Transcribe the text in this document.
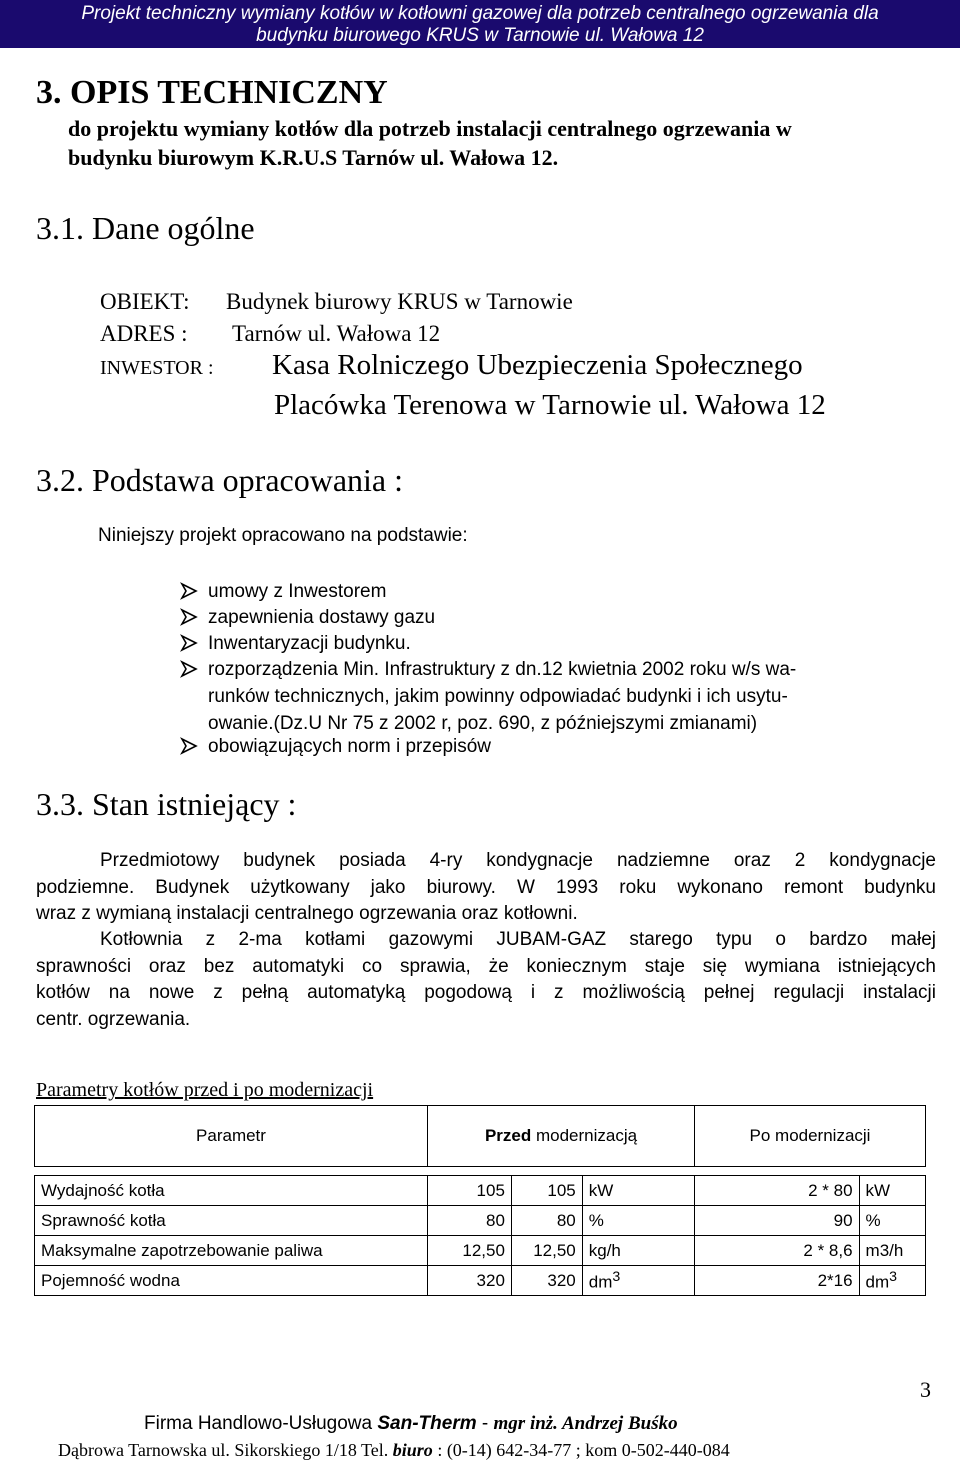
Projekt techniczny wymiany kotłów w kotłowni gazowej dla potrzeb centralnego ogrzewania dla
budynku biurowego KRUS w Tarnowie ul. Wałowa 12
3. OPIS TECHNICZNY
do projektu wymiany kotłów dla potrzeb instalacji centralnego ogrzewania w
budynku biurowym K.R.U.S Tarnów ul. Wałowa 12.
3.1. Dane ogólne
OBIEKT: Budynek biurowy KRUS w Tarnowie
ADRES : Tarnów ul. Wałowa 12
INWESTOR : Kasa Rolniczego Ubezpieczenia Społecznego
Placówka Terenowa w Tarnowie ul. Wałowa 12
3.2. Podstawa opracowania :
Niniejszy projekt opracowano na podstawie:
umowy z Inwestorem
zapewnienia dostawy gazu
Inwentaryzacji budynku.
rozporządzenia Min. Infrastruktury z dn.12 kwietnia 2002 roku w/s wa-
runków technicznych, jakim powinny odpowiadać budynki i ich usytu-
owanie.(Dz.U Nr 75 z 2002 r, poz. 690, z późniejszymi zmianami)
obowiązujących norm i przepisów
3.3. Stan istniejący :
Przedmiotowy budynek posiada 4-ry kondygnacje nadziemne oraz 2 kondygnacje
podziemne. Budynek użytkowany jako biurowy. W 1993 roku wykonano remont budynku
wraz z wymianą instalacji centralnego ogrzewania oraz kotłowni.
Kotłownia z 2-ma kotłami gazowymi JUBAM-GAZ starego typu o bardzo małej
sprawności oraz bez automatyki co sprawia, że koniecznym staje się wymiana istniejących
kotłów na nowe z pełną automatyką pogodową i z możliwością pełnej regulacji instalacji
centr. ogrzewania.
Parametry kotłów przed i po modernizacji
Parametr	Przed modernizacją			Po modernizacji	

Wydajność kotła	105	105	kW	2 * 80	kW
Sprawność kotła	80	80	%	90	%
Maksymalne zapotrzebowanie paliwa	12,50	12,50	kg/h	2 * 8,6	m3/h
Pojemność wodna	320	320	$dm^3$	2*16	$dm^3$
Firma Handlowo-Usługowa San-Therm - mgr inż. Andrzej Buśko
Dąbrowa Tarnowska ul. Sikorskiego 1/18 Tel. biuro : (0-14) 642-34-77 ; kom 0-502-440-084
3
